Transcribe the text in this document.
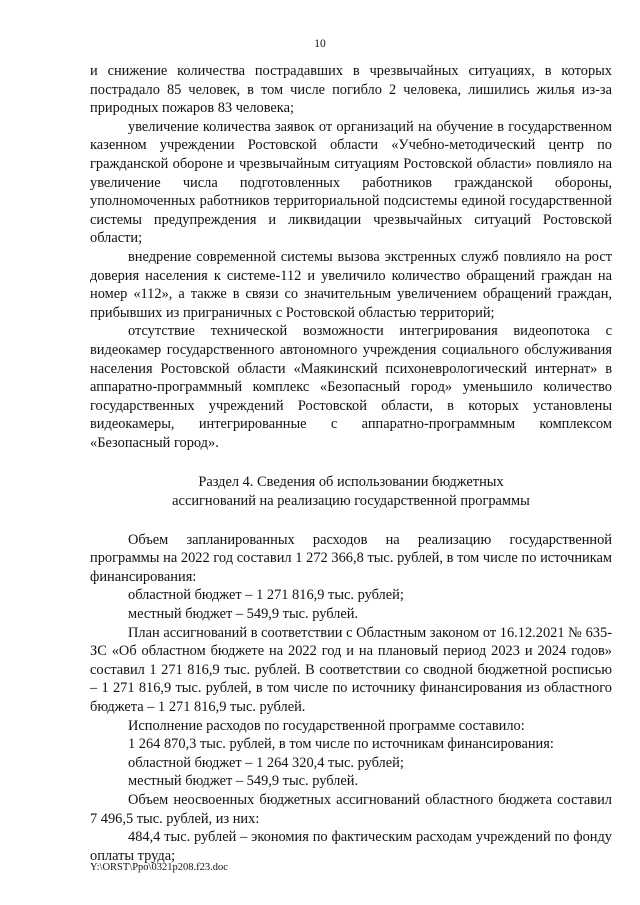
10

и снижение количества пострадавших в чрезвычайных ситуациях, в которых пострадало 85 человек, в том числе погибло 2 человека, лишились жилья из-за природных пожаров 83 человека;

увеличение количества заявок от организаций на обучение в государственном казенном учреждении Ростовской области «Учебно-методический центр по гражданской обороне и чрезвычайным ситуациям Ростовской области» повлияло на увеличение числа подготовленных работников гражданской обороны, уполномоченных работников территориальной подсистемы единой государственной системы предупреждения и ликвидации чрезвычайных ситуаций Ростовской области;

внедрение современной системы вызова экстренных служб повлияло на рост доверия населения к системе-112 и увеличило количество обращений граждан на номер «112», а также в связи со значительным увеличением обращений граждан, прибывших из приграничных с Ростовской областью территорий;

отсутствие технической возможности интегрирования видеопотока с видеокамер государственного автономного учреждения социального обслуживания населения Ростовской области «Маякинский психоневрологический интернат» в аппаратно-программный комплекс «Безопасный город» уменьшило количество государственных учреждений Ростовской области, в которых установлены видеокамеры, интегрированные с аппаратно-программным комплексом «Безопасный город».

Раздел 4. Сведения об использовании бюджетных
ассигнований на реализацию государственной программы

Объем запланированных расходов на реализацию государственной программы на 2022 год составил 1 272 366,8 тыс. рублей, в том числе по источникам финансирования:

областной бюджет – 1 271 816,9 тыс. рублей;

местный бюджет – 549,9 тыс. рублей.

План ассигнований в соответствии с Областным законом от 16.12.2021 № 635-ЗС «Об областном бюджете на 2022 год и на плановый период 2023 и 2024 годов» составил 1 271 816,9 тыс. рублей. В соответствии со сводной бюджетной росписью – 1 271 816,9 тыс. рублей, в том числе по источнику финансирования из областного бюджета – 1 271 816,9 тыс. рублей.

Исполнение расходов по государственной программе составило:

1 264 870,3 тыс. рублей, в том числе по источникам финансирования:

областной бюджет – 1 264 320,4 тыс. рублей;

местный бюджет – 549,9 тыс. рублей.

Объем неосвоенных бюджетных ассигнований областного бюджета составил 7 496,5 тыс. рублей, из них:

484,4 тыс. рублей – экономия по фактическим расходам учреждений по фонду оплаты труда;

Y:\ORST\Ppo\0321p208.f23.doc
